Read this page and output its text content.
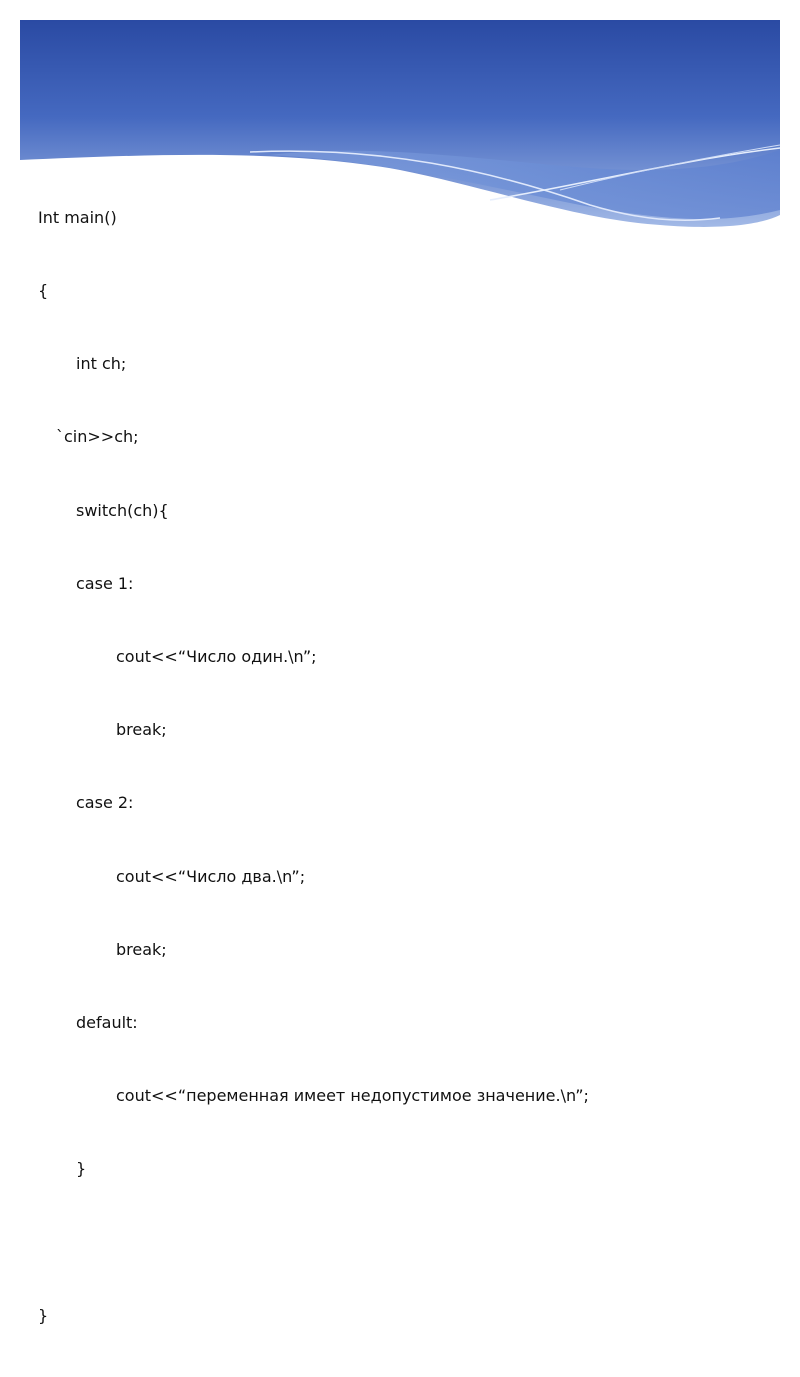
Int main()

{

int ch;

`cin>>ch;

switch(ch){

case 1:

cout<<“Число один.\n”;

break;

case 2:

cout<<“Число два.\n”;

break;

default:

cout<<“переменная имеет недопустимое значение.\n”;

}

}
